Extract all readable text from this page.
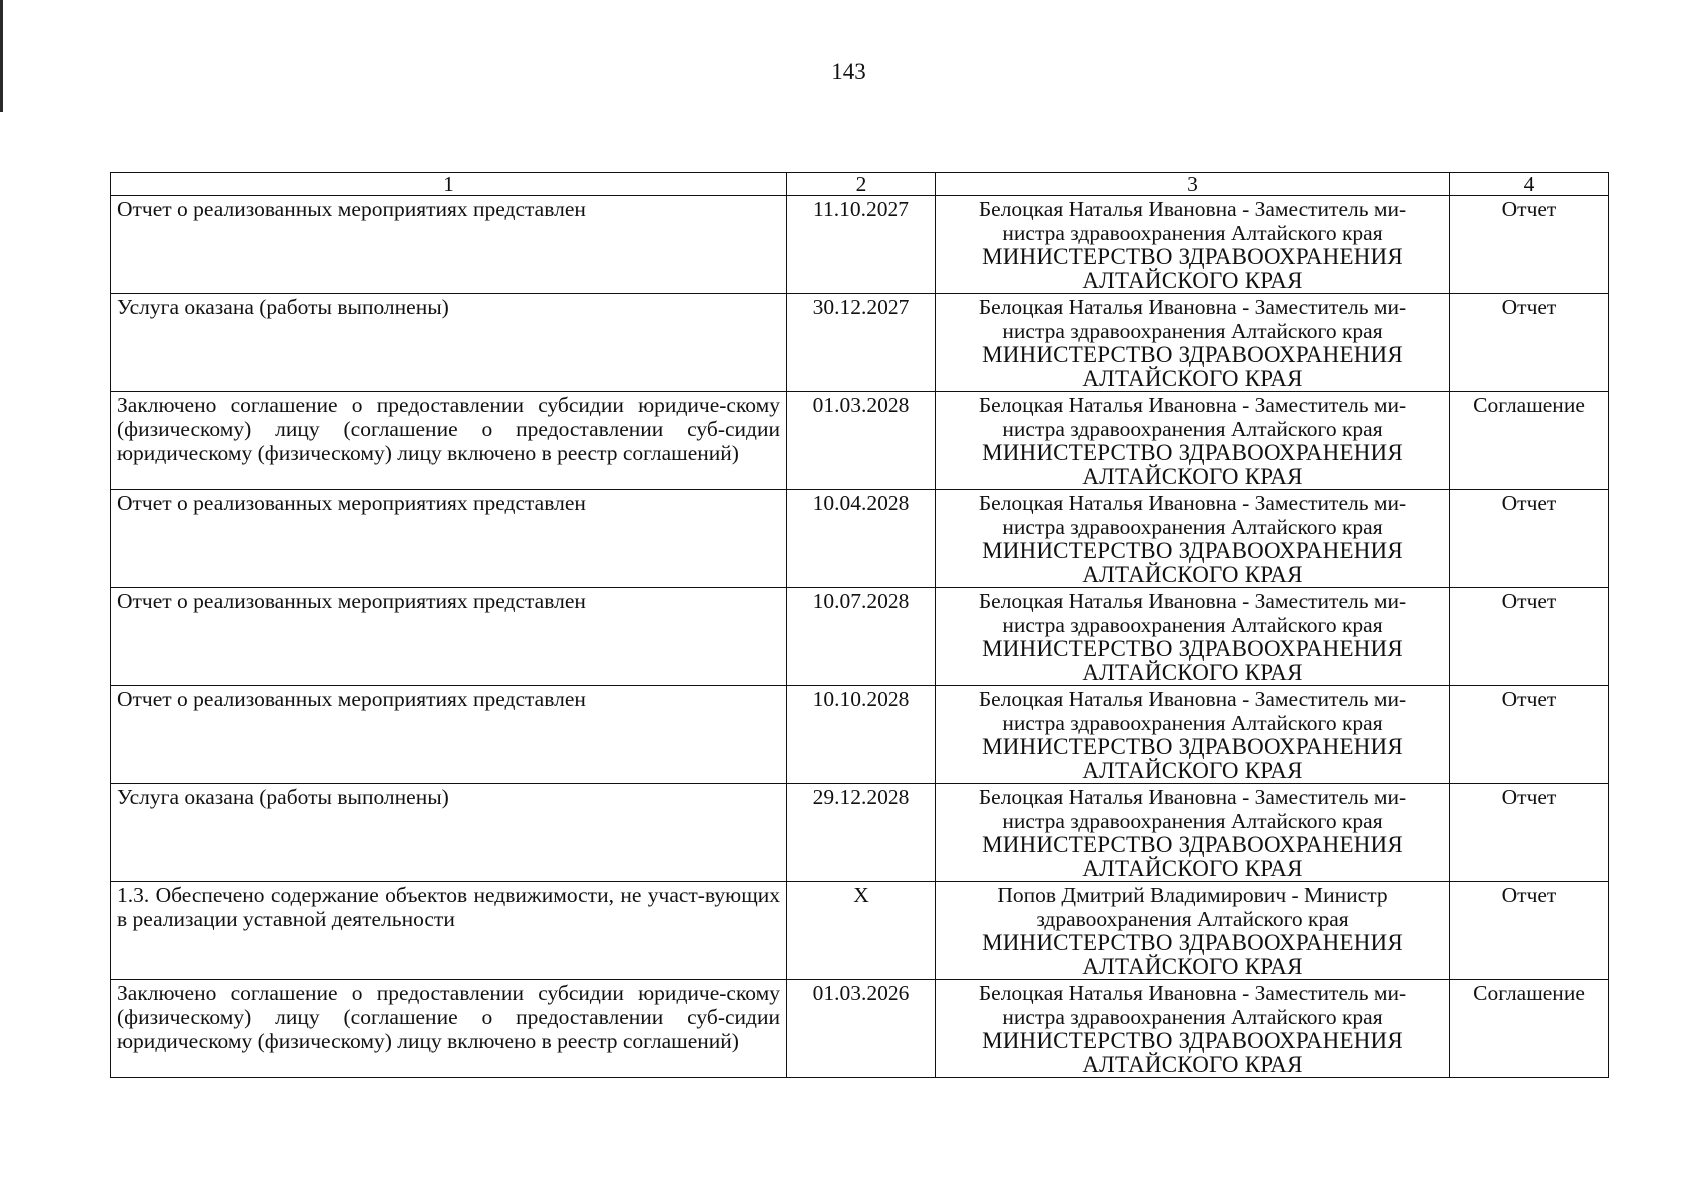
143
1	2	3	4
Отчет о реализованных мероприятиях представлен	11.10.2027	Белоцкая Наталья Ивановна - Заместитель ми-
нистра здравоохранения Алтайского края
МИНИСТЕРСТВО ЗДРАВООХРАНЕНИЯ
АЛТАЙСКОГО КРАЯ	Отчет
Услуга оказана (работы выполнены)	30.12.2027	Белоцкая Наталья Ивановна - Заместитель ми-
нистра здравоохранения Алтайского края
МИНИСТЕРСТВО ЗДРАВООХРАНЕНИЯ
АЛТАЙСКОГО КРАЯ	Отчет
Заключено соглашение о предоставлении субсидии юридиче-скому (физическому) лицу (соглашение о предоставлении суб-сидии юридическому (физическому) лицу включено в реестр соглашений)	01.03.2028	Белоцкая Наталья Ивановна - Заместитель ми-
нистра здравоохранения Алтайского края
МИНИСТЕРСТВО ЗДРАВООХРАНЕНИЯ
АЛТАЙСКОГО КРАЯ	Соглашение
Отчет о реализованных мероприятиях представлен	10.04.2028	Белоцкая Наталья Ивановна - Заместитель ми-
нистра здравоохранения Алтайского края
МИНИСТЕРСТВО ЗДРАВООХРАНЕНИЯ
АЛТАЙСКОГО КРАЯ	Отчет
Отчет о реализованных мероприятиях представлен	10.07.2028	Белоцкая Наталья Ивановна - Заместитель ми-
нистра здравоохранения Алтайского края
МИНИСТЕРСТВО ЗДРАВООХРАНЕНИЯ
АЛТАЙСКОГО КРАЯ	Отчет
Отчет о реализованных мероприятиях представлен	10.10.2028	Белоцкая Наталья Ивановна - Заместитель ми-
нистра здравоохранения Алтайского края
МИНИСТЕРСТВО ЗДРАВООХРАНЕНИЯ
АЛТАЙСКОГО КРАЯ	Отчет
Услуга оказана (работы выполнены)	29.12.2028	Белоцкая Наталья Ивановна - Заместитель ми-
нистра здравоохранения Алтайского края
МИНИСТЕРСТВО ЗДРАВООХРАНЕНИЯ
АЛТАЙСКОГО КРАЯ	Отчет
1.3. Обеспечено содержание объектов недвижимости, не участ-вующих в реализации уставной деятельности	X	Попов Дмитрий Владимирович - Министр
здравоохранения Алтайского края
МИНИСТЕРСТВО ЗДРАВООХРАНЕНИЯ
АЛТАЙСКОГО КРАЯ	Отчет
Заключено соглашение о предоставлении субсидии юридиче-скому (физическому) лицу (соглашение о предоставлении суб-сидии юридическому (физическому) лицу включено в реестр соглашений)	01.03.2026	Белоцкая Наталья Ивановна - Заместитель ми-
нистра здравоохранения Алтайского края
МИНИСТЕРСТВО ЗДРАВООХРАНЕНИЯ
АЛТАЙСКОГО КРАЯ	Соглашение
